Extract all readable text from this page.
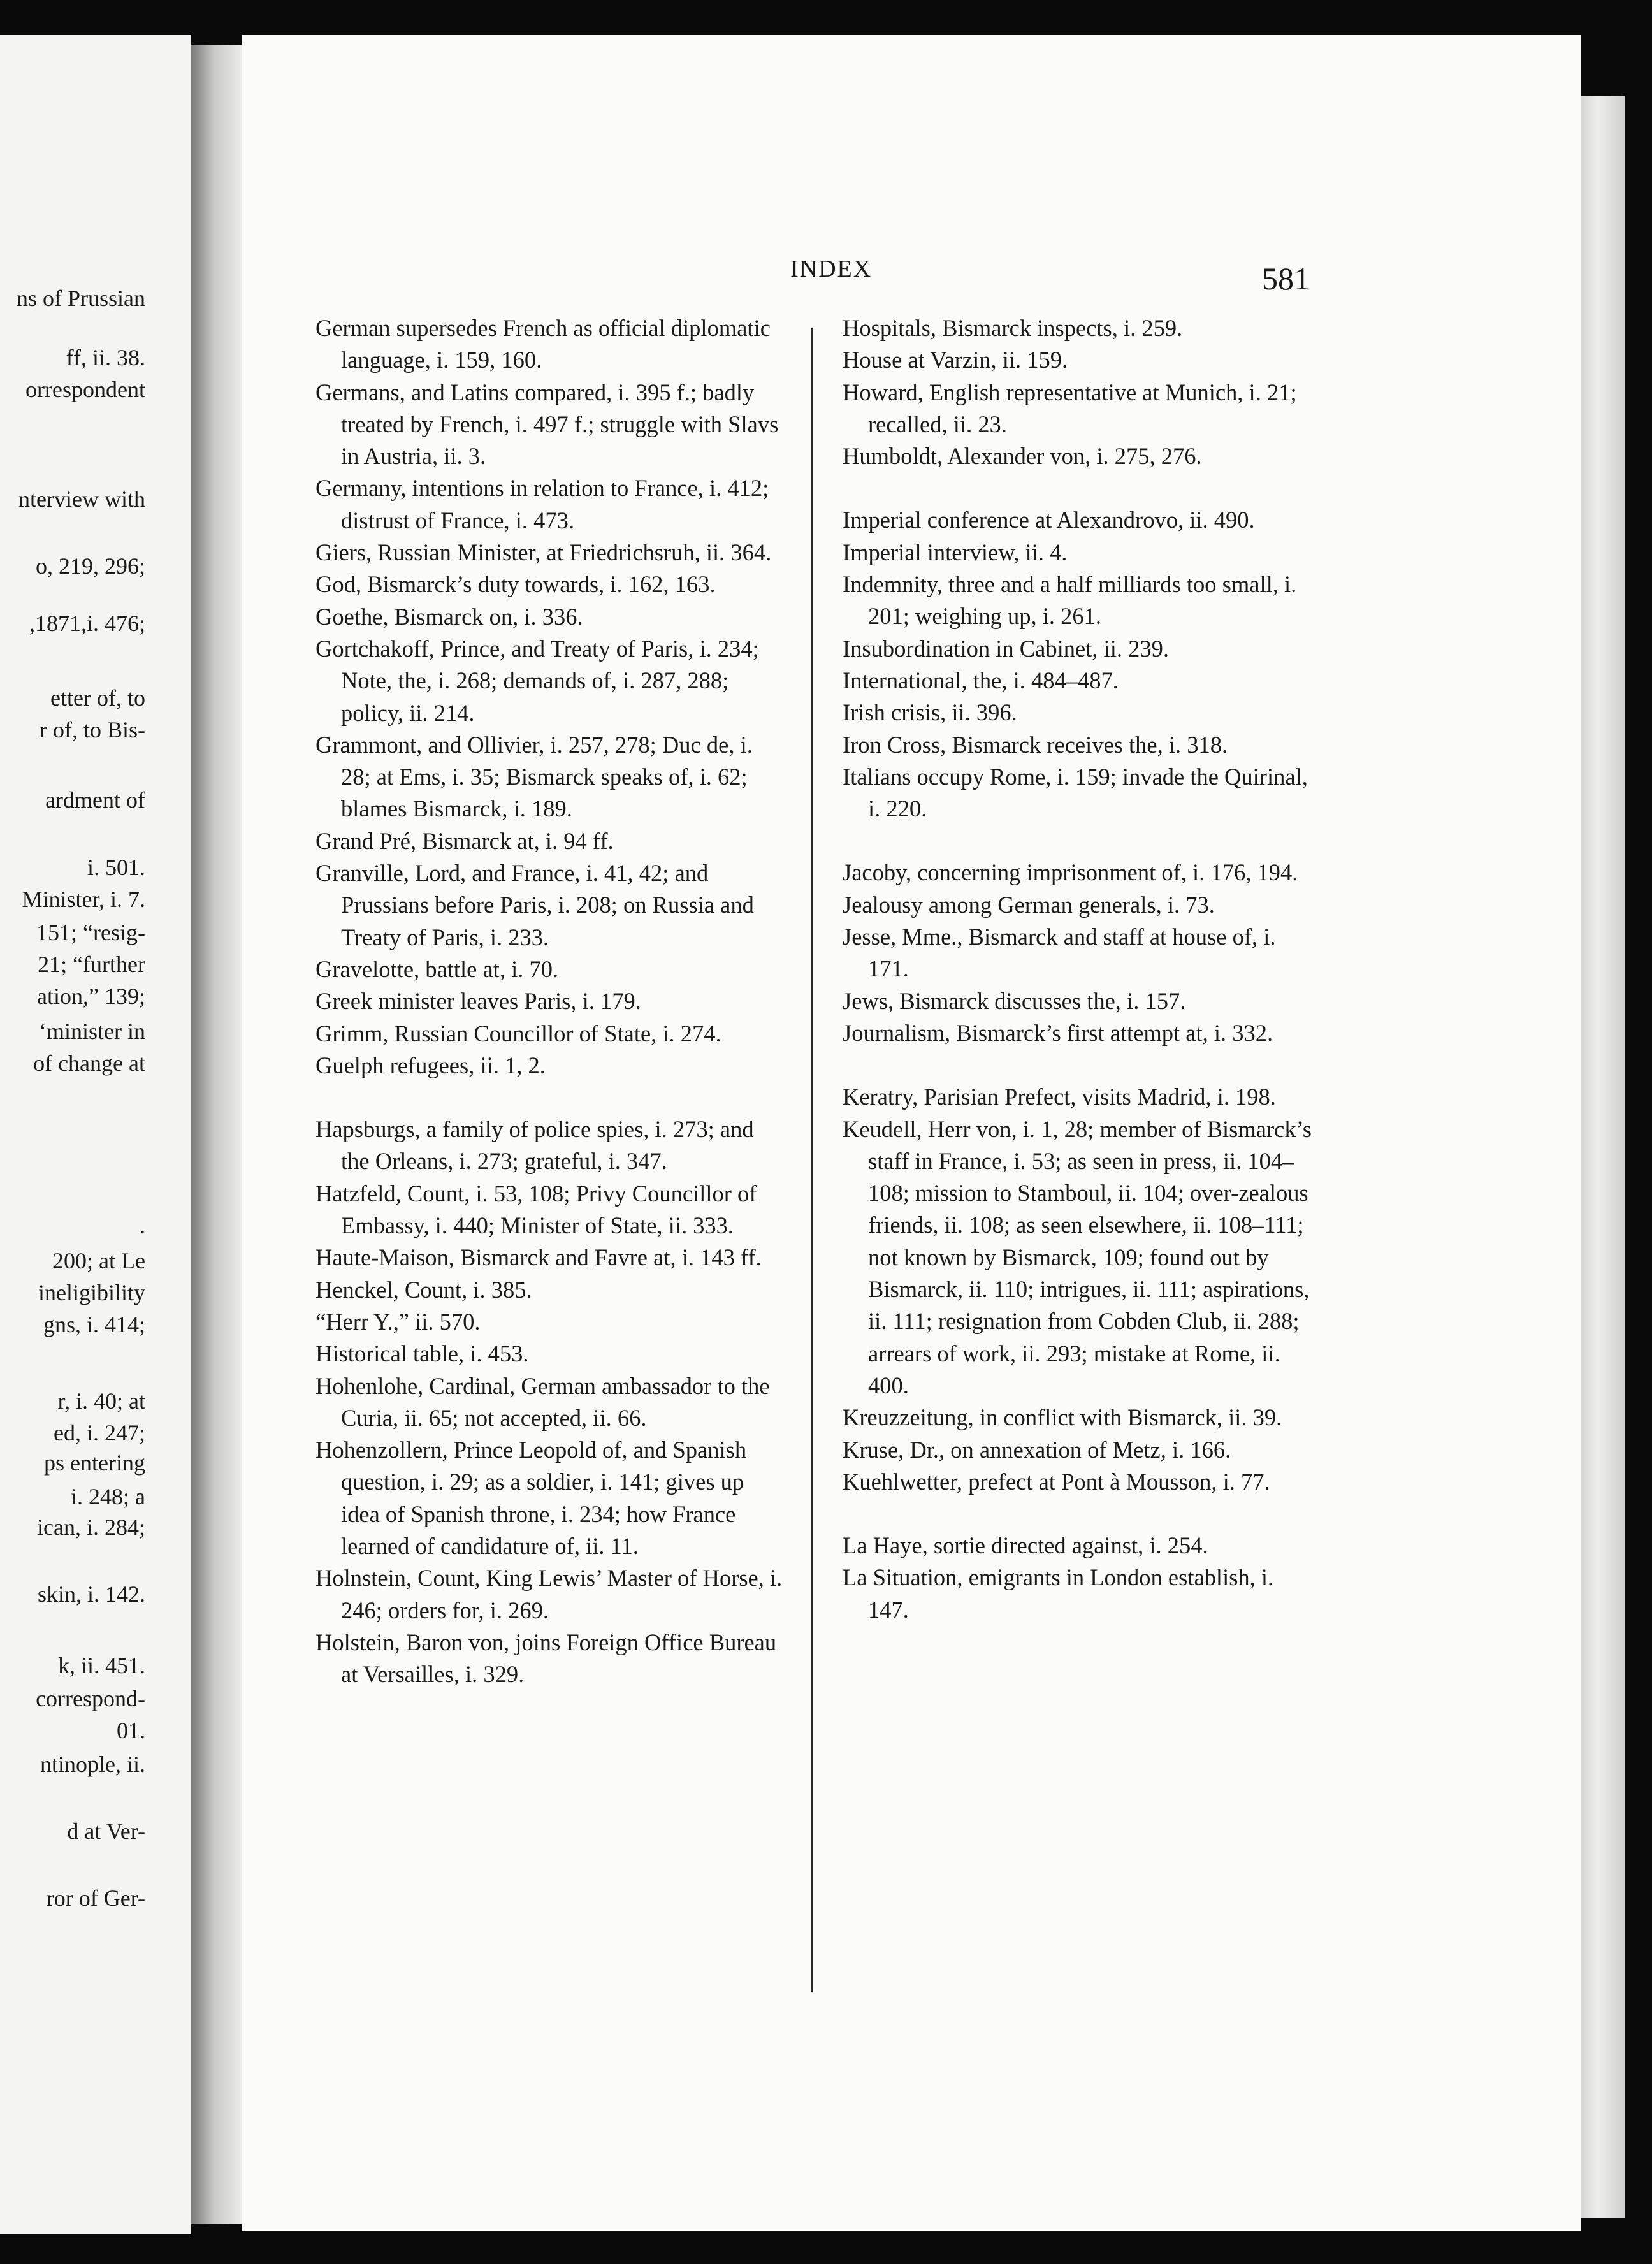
ns of Prussian
ff, ii. 38.
orrespondent
nterview with
o, 219, 296;
,1871,i. 476;
etter of, to
r of, to Bis-
ardment of
i. 501.
Minister, i. 7.
151; “resig-
21; “further
ation,” 139;
‘minister in
of change at
.
200; at Le
ineligibility
gns, i. 414;
r, i. 40; at
ed, i. 247;
ps entering
i. 248; a
ican, i. 284;
skin, i. 142.
k, ii. 451.
correspond-
01.
ntinople, ii.
d at Ver-
ror of Ger-
INDEX	581
German supersedes French as official diplomatic language, i. 159, 160.
Germans, and Latins compared, i. 395 f.; badly treated by French, i. 497 f.; struggle with Slavs in Austria, ii. 3.
Germany, intentions in relation to France, i. 412; distrust of France, i. 473.
Giers, Russian Minister, at Friedrichsruh, ii. 364.
God, Bismarck’s duty towards, i. 162, 163.
Goethe, Bismarck on, i. 336.
Gortchakoff, Prince, and Treaty of Paris, i. 234; Note, the, i. 268; demands of, i. 287, 288; policy, ii. 214.
Grammont, and Ollivier, i. 257, 278; Duc de, i. 28; at Ems, i. 35; Bismarck speaks of, i. 62; blames Bismarck, i. 189.
Grand Pré, Bismarck at, i. 94 ff.
Granville, Lord, and France, i. 41, 42; and Prussians before Paris, i. 208; on Russia and Treaty of Paris, i. 233.
Gravelotte, battle at, i. 70.
Greek minister leaves Paris, i. 179.
Grimm, Russian Councillor of State, i. 274.
Guelph refugees, ii. 1, 2.
Hapsburgs, a family of police spies, i. 273; and the Orleans, i. 273; grateful, i. 347.
Hatzfeld, Count, i. 53, 108; Privy Councillor of Embassy, i. 440; Minister of State, ii. 333.
Haute-Maison, Bismarck and Favre at, i. 143 ff.
Henckel, Count, i. 385.
“Herr Y.,” ii. 570.
Historical table, i. 453.
Hohenlohe, Cardinal, German ambassador to the Curia, ii. 65; not accepted, ii. 66.
Hohenzollern, Prince Leopold of, and Spanish question, i. 29; as a soldier, i. 141; gives up idea of Spanish throne, i. 234; how France learned of candidature of, ii. 11.
Holnstein, Count, King Lewis’ Master of Horse, i. 246; orders for, i. 269.
Holstein, Baron von, joins Foreign Office Bureau at Versailles, i. 329.
Hospitals, Bismarck inspects, i. 259.
House at Varzin, ii. 159.
Howard, English representative at Munich, i. 21; recalled, ii. 23.
Humboldt, Alexander von, i. 275, 276.
Imperial conference at Alexandrovo, ii. 490.
Imperial interview, ii. 4.
Indemnity, three and a half milliards too small, i. 201; weighing up, i. 261.
Insubordination in Cabinet, ii. 239.
International, the, i. 484–487.
Irish crisis, ii. 396.
Iron Cross, Bismarck receives the, i. 318.
Italians occupy Rome, i. 159; invade the Quirinal, i. 220.
Jacoby, concerning imprisonment of, i. 176, 194.
Jealousy among German generals, i. 73.
Jesse, Mme., Bismarck and staff at house of, i. 171.
Jews, Bismarck discusses the, i. 157.
Journalism, Bismarck’s first attempt at, i. 332.
Keratry, Parisian Prefect, visits Madrid, i. 198.
Keudell, Herr von, i. 1, 28; member of Bismarck’s staff in France, i. 53; as seen in press, ii. 104–108; mission to Stamboul, ii. 104; over-zealous friends, ii. 108; as seen elsewhere, ii. 108–111; not known by Bismarck, 109; found out by Bismarck, ii. 110; intrigues, ii. 111; aspirations, ii. 111; resignation from Cobden Club, ii. 288; arrears of work, ii. 293; mistake at Rome, ii. 400.
Kreuzzeitung, in conflict with Bismarck, ii. 39.
Kruse, Dr., on annexation of Metz, i. 166.
Kuehlwetter, prefect at Pont à Mousson, i. 77.
La Haye, sortie directed against, i. 254.
La Situation, emigrants in London establish, i. 147.
